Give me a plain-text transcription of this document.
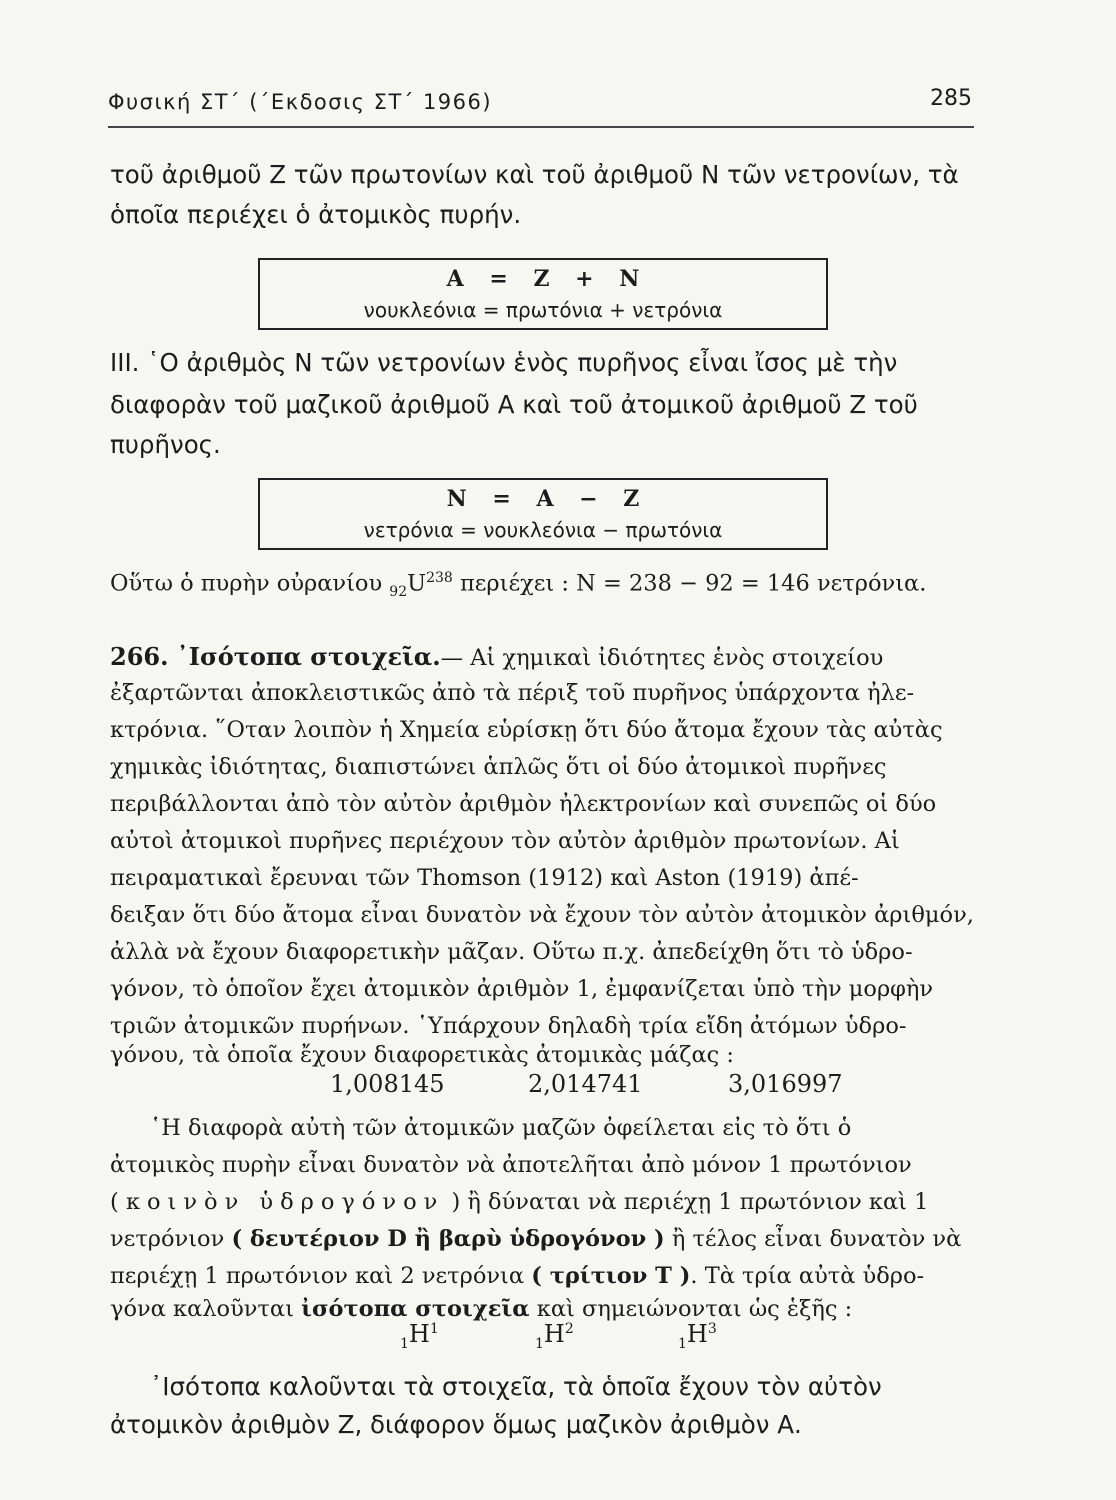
Φυσική ΣΤ΄ (΄Εκδοσις ΣΤ΄ 1966)	285
τοῦ ἀριθμοῦ Ζ τῶν πρωτονίων καὶ τοῦ ἀριθμοῦ Ν τῶν νετρονίων, τὰ
ὁποῖα περιέχει ὁ ἀτομικὸς πυρήν.
A = Z + N
νουκλεόνια = πρωτόνια + νετρόνια
III. ῾Ο ἀριθμὸς Ν τῶν νετρονίων ἑνὸς πυρῆνος εἶναι ἴσος μὲ τὴν
διαφορὰν τοῦ μαζικοῦ ἀριθμοῦ Α καὶ τοῦ ἀτομικοῦ ἀριθμοῦ Ζ τοῦ
πυρῆνος.
N = A − Z
νετρόνια = νουκλεόνια − πρωτόνια
Οὕτω ὁ πυρὴν οὐρανίου $_{92}U^{238}$ περιέχει : N = 238 − 92 = 146 νετρόνια.
266. ᾿Ισότοπα στοιχεῖα.— Αἱ χημικαὶ ἰδιότητες ἑνὸς στοιχείου
ἐξαρτῶνται ἀποκλειστικῶς ἀπὸ τὰ πέριξ τοῦ πυρῆνος ὑπάρχοντα ἠλε-
κτρόνια. ῞Οταν λοιπὸν ἡ Χημεία εὑρίσκῃ ὅτι δύο ἄτομα ἔχουν τὰς αὐτὰς
χημικὰς ἰδιότητας, διαπιστώνει ἁπλῶς ὅτι οἱ δύο ἀτομικοὶ πυρῆνες
περιβάλλονται ἀπὸ τὸν αὐτὸν ἀριθμὸν ἠλεκτρονίων καὶ συνεπῶς οἱ δύο
αὐτοὶ ἀτομικοὶ πυρῆνες περιέχουν τὸν αὐτὸν ἀριθμὸν πρωτονίων. Αἱ
πειραματικαὶ ἔρευναι τῶν Thomson (1912) καὶ Aston (1919) ἀπέ-
δειξαν ὅτι δύο ἄτομα εἶναι δυνατὸν νὰ ἔχουν τὸν αὐτὸν ἀτομικὸν ἀριθμόν,
ἀλλὰ νὰ ἔχουν διαφορετικὴν μᾶζαν. Οὕτω π.χ. ἀπεδείχθη ὅτι τὸ ὑδρο-
γόνον, τὸ ὁποῖον ἔχει ἀτομικὸν ἀριθμὸν 1, ἐμφανίζεται ὑπὸ τὴν μορφὴν
τριῶν ἀτομικῶν πυρήνων. ῾Υπάρχουν δηλαδὴ τρία εἴδη ἀτόμων ὑδρο-
γόνου, τὰ ὁποῖα ἔχουν διαφορετικὰς ἀτομικὰς μάζας :
1,008145	2,014741	3,016997
῾Η διαφορὰ αὐτὴ τῶν ἀτομικῶν μαζῶν ὀφείλεται εἰς τὸ ὅτι ὁ
ἀτομικὸς πυρὴν εἶναι δυνατὸν νὰ ἀποτελῆται ἀπὸ μόνον 1 πρωτόνιον
( κοινὸν ὑδρογόνον ) ἢ δύναται νὰ περιέχῃ 1 πρωτόνιον καὶ 1
νετρόνιον ( δευτέριον D ἢ βαρὺ ὑδρογόνον ) ἢ τέλος εἶναι δυνατὸν νὰ
περιέχῃ 1 πρωτόνιον καὶ 2 νετρόνια ( τρίτιον Τ ). Τὰ τρία αὐτὰ ὑδρο-
γόνα καλοῦνται ἰσότοπα στοιχεῖα καὶ σημειώνονται ὡς ἑξῆς :
$_1H^1$
$_1H^2$
$_1H^3$
᾿Ισότοπα καλοῦνται τὰ στοιχεῖα, τὰ ὁποῖα ἔχουν τὸν αὐτὸν
ἀτομικὸν ἀριθμὸν Ζ, διάφορον ὅμως μαζικὸν ἀριθμὸν Α.
